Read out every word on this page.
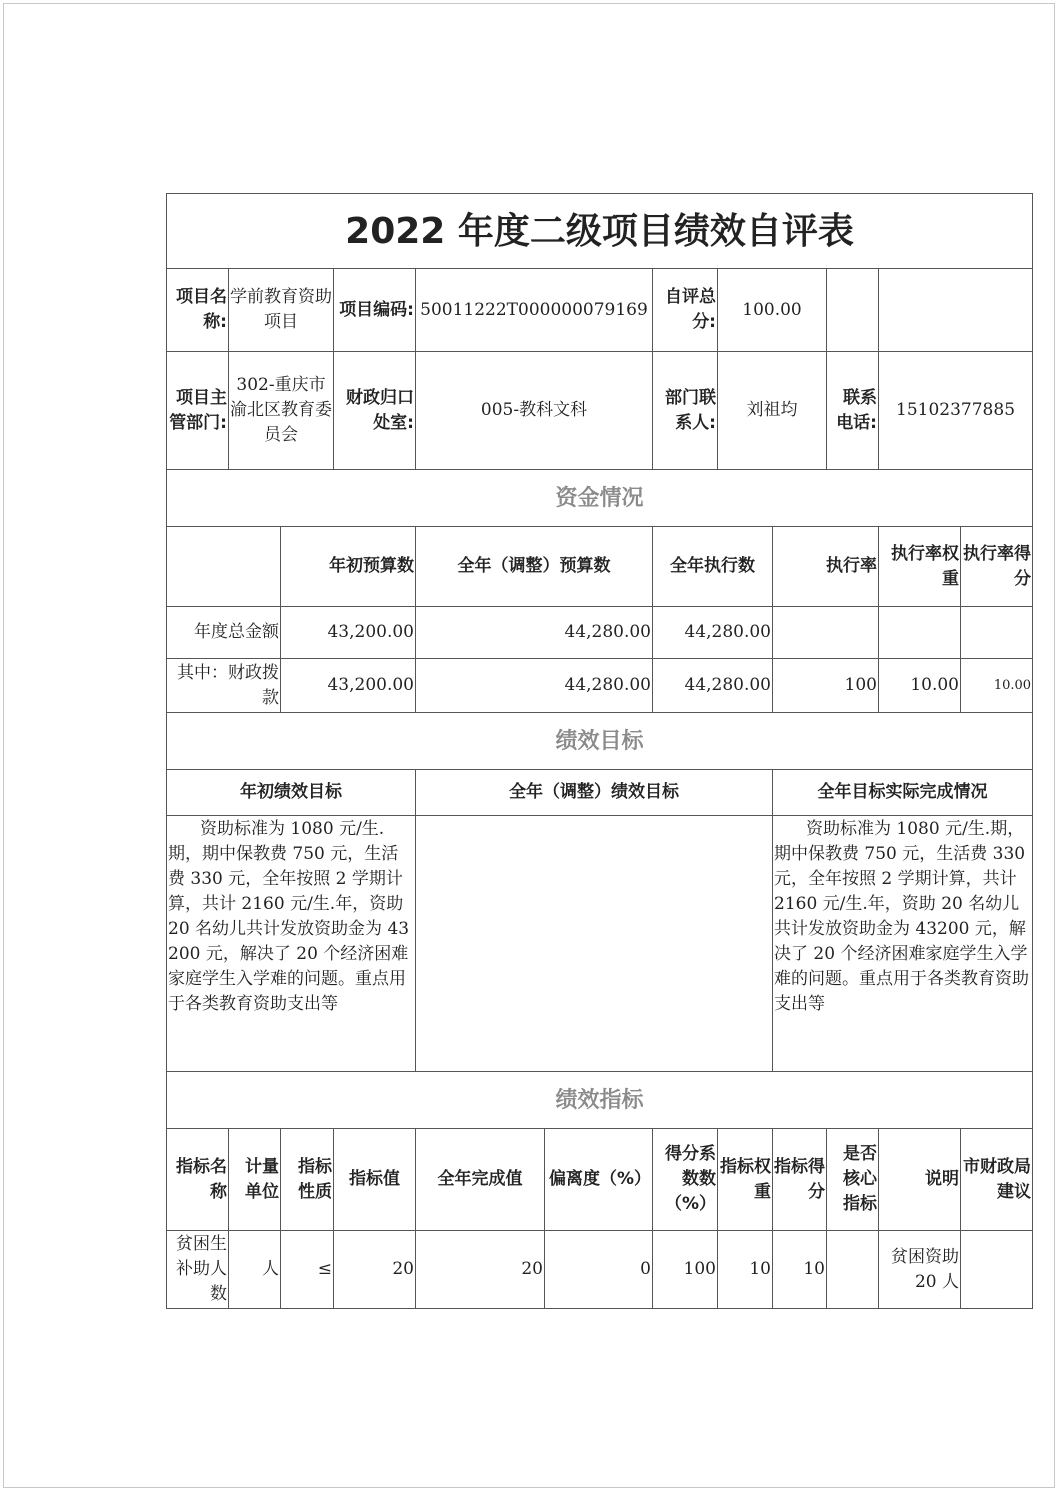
2022 年度二级项目绩效自评表											
项目名称:	学前教育资助项目		项目编码:	50011222T000000079169		自评总分:	100.00				
项目主管部门:	302-重庆市渝北区教育委员会		财政归口处室:	005-教科文科		部门联系人:	刘祖均		联系电话:	15102377885	
资金情况											
		年初预算数		全年（调整）预算数		全年执行数		执行率		执行率权重	执行率得分
年度总金额		43,200.00		44,280.00		44,280.00					
其中：财政拨款		43,200.00		44,280.00		44,280.00		100		10.00	10.00
绩效目标											
年初绩效目标				全年（调整）绩效目标				全年目标实际完成情况			
资助标准为 1080 元/生.期，期中保教费 750 元，生活费 330 元，全年按照 2 学期计算，共计 2160 元/生.年，资助 20 名幼儿共计发放资助金为 43200 元，解决了 20 个经济困难家庭学生入学难的问题。重点用于各类教育资助支出等								资助标准为 1080 元/生.期，期中保教费 750 元，生活费 330 元，全年按照 2 学期计算，共计 2160 元/生.年，资助 20 名幼儿共计发放资助金为 43200 元，解决了 20 个经济困难家庭学生入学难的问题。重点用于各类教育资助支出等			
绩效指标											
指标名称	计量单位	指标性质	指标值	全年完成值	偏离度（%）	得分系数数（%）	指标权重	指标得分	是否核心指标	说明	市财政局建议
贫困生补助人数	人	≤	20	20	0	100	10	10		贫困资助 20 人	
